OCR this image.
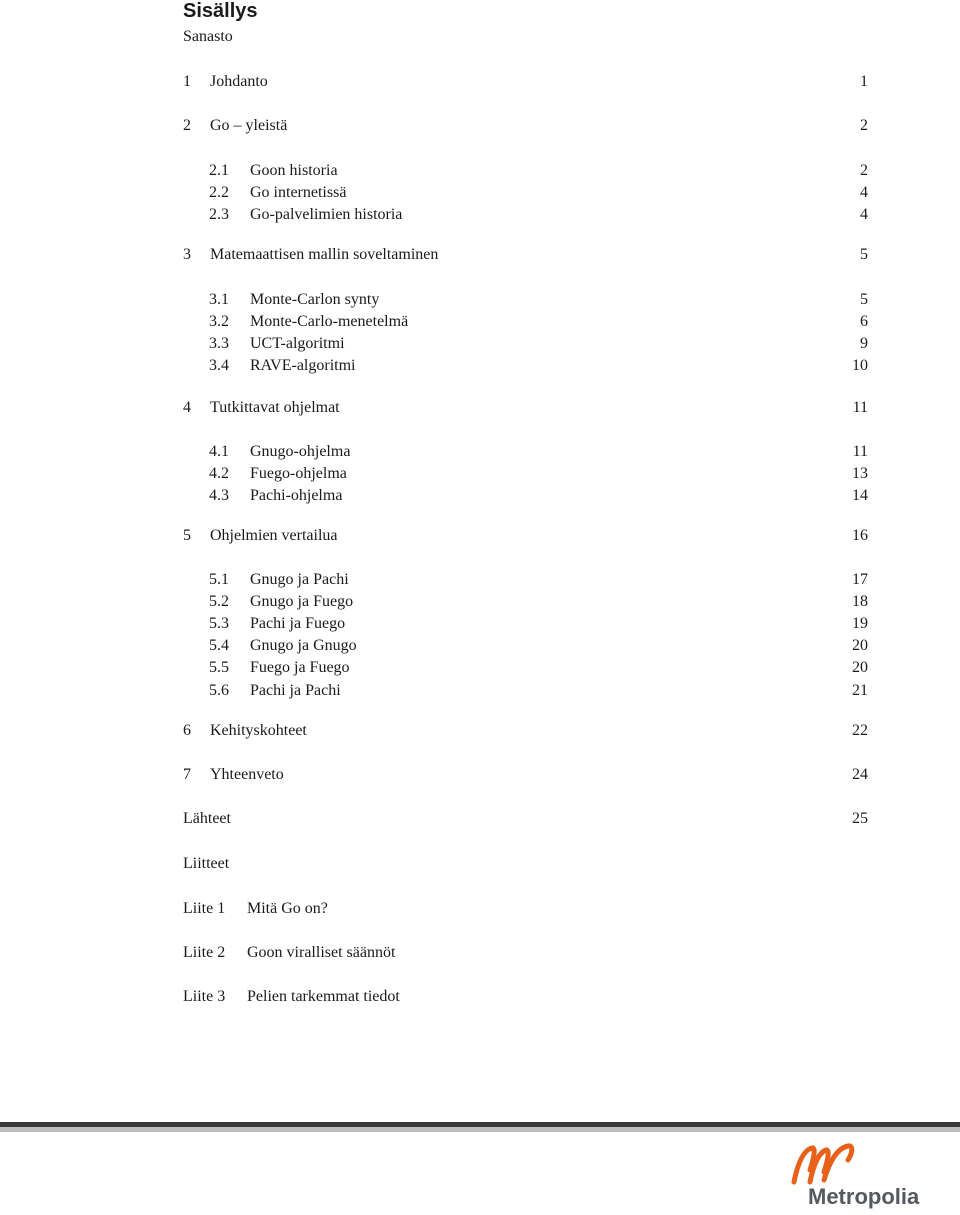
Sisällys
Sanasto
1 Johdanto	1
2 Go – yleistä	2
2.1 Goon historia	2
2.2 Go internetissä	4
2.3 Go-palvelimien historia	4
3 Matemaattisen mallin soveltaminen	5
3.1 Monte-Carlon synty	5
3.2 Monte-Carlo-menetelmä	6
3.3 UCT-algoritmi	9
3.4 RAVE-algoritmi	10
4 Tutkittavat ohjelmat	11
4.1 Gnugo-ohjelma	11
4.2 Fuego-ohjelma	13
4.3 Pachi-ohjelma	14
5 Ohjelmien vertailua	16
5.1 Gnugo ja Pachi	17
5.2 Gnugo ja Fuego	18
5.3 Pachi ja Fuego	19
5.4 Gnugo ja Gnugo	20
5.5 Fuego ja Fuego	20
5.6 Pachi ja Pachi	21
6 Kehityskohteet	22
7 Yhteenveto	24
Lähteet	25
Liitteet
Liite 1 Mitä Go on?
Liite 2 Goon viralliset säännöt
Liite 3 Pelien tarkemmat tiedot
Metropolia
